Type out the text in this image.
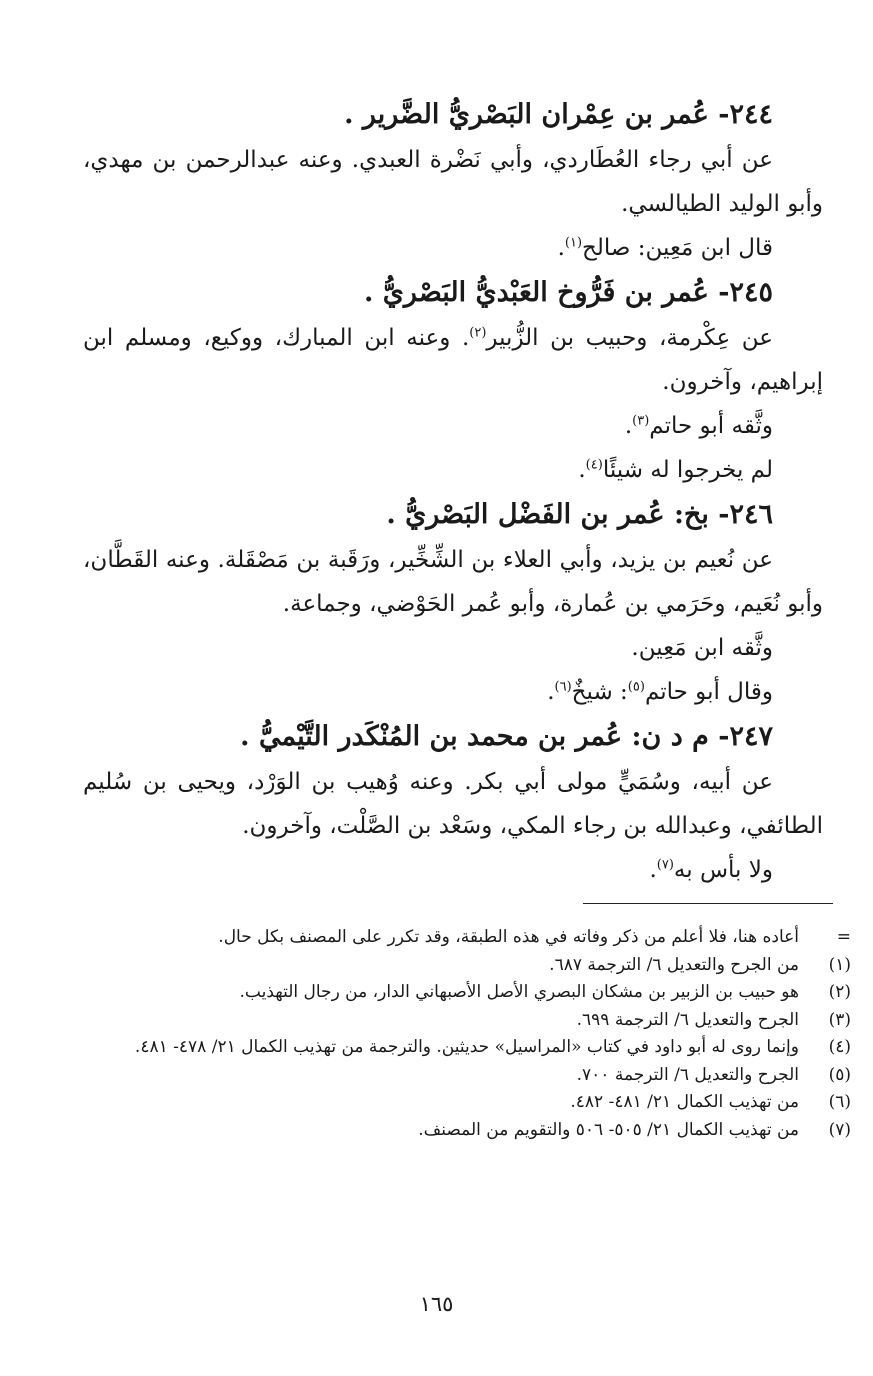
٢٤٤- عُمر بن عِمْران البَصْريُّ الضَّرير .
عن أبي رجاء العُطَاردي، وأبي نَضْرة العبدي. وعنه عبدالرحمن بن مهدي، وأبو الوليد الطيالسي.
قال ابن مَعِين: صالح$^{(١)}$.
٢٤٥- عُمر بن فَرُّوخ العَبْديُّ البَصْريُّ .
عن عِكْرمة، وحبيب بن الزُّبير$^{(٢)}$. وعنه ابن المبارك، ووكيع، ومسلم ابن إبراهيم، وآخرون.
وثَّقه أبو حاتم$^{(٣)}$.
لم يخرجوا له شيئًا$^{(٤)}$.
٢٤٦- بخ: عُمر بن الفَضْل البَصْريُّ .
عن نُعيم بن يزيد، وأبي العلاء بن الشِّخِّير، ورَقَبة بن مَصْقَلة. وعنه القَطَّان، وأبو نُعَيم، وحَرَمي بن عُمارة، وأبو عُمر الحَوْضي، وجماعة.
وثَّقه ابن مَعِين.
وقال أبو حاتم$^{(٥)}$: شيخٌ$^{(٦)}$.
٢٤٧- م د ن: عُمر بن محمد بن المُنْكَدر التَّيْميُّ .
عن أبيه، وسُمَيٍّ مولى أبي بكر. وعنه وُهيب بن الوَرْد، ويحيى بن سُليم الطائفي، وعبدالله بن رجاء المكي، وسَعْد بن الصَّلْت، وآخرون.
ولا بأس به$^{(٧)}$.
=
أعاده هنا، فلا أعلم من ذكر وفاته في هذه الطبقة، وقد تكرر على المصنف بكل حال.
(١)
من الجرح والتعديل ٦/ الترجمة ٦٨٧.
(٢)
هو حبيب بن الزبير بن مشكان البصري الأصل الأصبهاني الدار، من رجال التهذيب.
(٣)
الجرح والتعديل ٦/ الترجمة ٦٩٩.
(٤)
وإنما روى له أبو داود في كتاب «المراسيل» حديثين. والترجمة من تهذيب الكمال ٢١/ ٤٧٨- ٤٨١.
(٥)
الجرح والتعديل ٦/ الترجمة ٧٠٠.
(٦)
من تهذيب الكمال ٢١/ ٤٨١- ٤٨٢.
(٧)
من تهذيب الكمال ٢١/ ٥٠٥- ٥٠٦ والتقويم من المصنف.
١٦٥
